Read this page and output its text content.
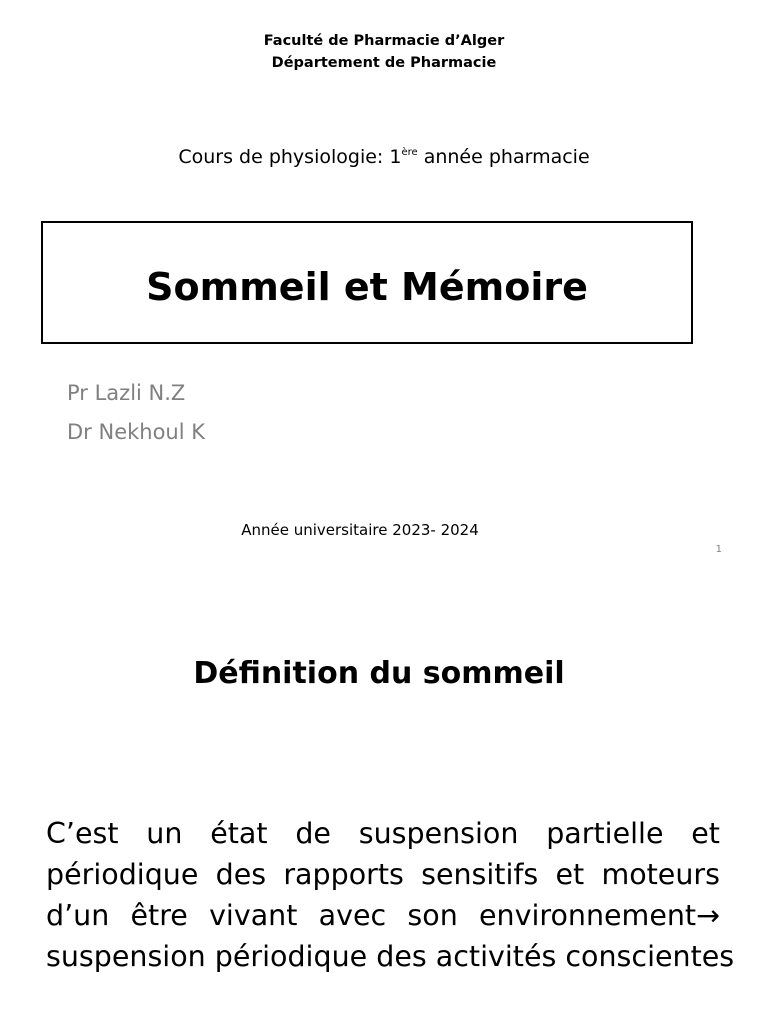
Faculté de Pharmacie d’Alger
Département de Pharmacie
Cours de physiologie: 1ère année pharmacie
Sommeil et Mémoire
Pr Lazli N.Z
Dr Nekhoul K
Année universitaire 2023- 2024
1
Définition du sommeil
C’est un état de suspension partielle et
périodique des rapports sensitifs et moteurs
d’un être vivant avec son environnement→
suspension périodique des activités conscientes
